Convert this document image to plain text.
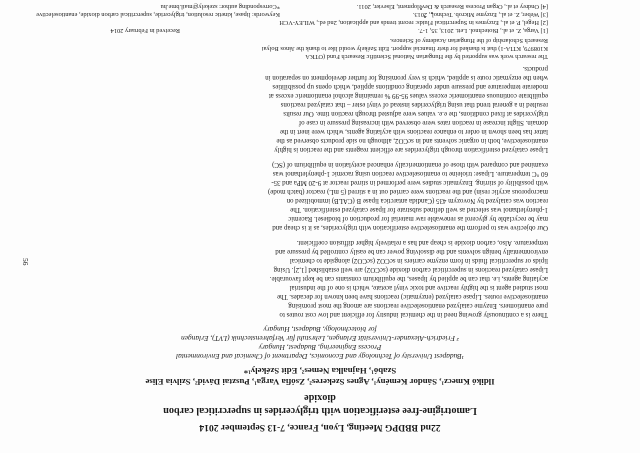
22nd BBDPG Meeting, Lyon, France, 7-13 September 2014
Lamotrigine-free esterification with triglycerides in supercritical carbon
dioxide
Ildikó Kmecz¹, Sándor Kemény¹, Agnes Szekeres², Zsófia Varga¹, Pusztai Dávid², Szilvia Elise
Szabó¹, Hajnalka Nemes², Edit Székely¹*
¹Budapest University of Technology and Economics, Department of Chemical and Environmental
Process Engineering, Budapest, Hungary
² Friedrich-Alexander-Universität Erlangen, Lehrstuhl für Verfahrenstechnik (LVT), Erlangen
for biotechnology, Budapest, Hungary
There is a continuously growing need in the chemical industry for efficient and low cost routes to
pure enantiomers. Enzyme catalyzed enantioselective reactions are among the most promising
enantioselective routes. Lipase catalyzed (enzymatic) reactions have been known for decades. The
most studied agent is the highly reactive and toxic vinyl acetate, which is one of the industrial
acylating agents, i.e. that can be applied by lipases, the equilibrium constants can be kept favourable.
Lipase catalyzed reactions in supercritical carbon dioxide (scCO2) are well established [1,2]. Using
lipids or supercritical fluids in form enzyme carriers in scCO2 (scCO2) alongside to chemical
environmentally benign solvents and the dissolving power can be easily controlled by pressure and
temperature. Also, carbon dioxide is cheap and has a relatively higher diffusion coefficient.
Our objective was to perform the enantioselective esterification with triglycerides, as it is cheap and
may be recyclable by glycerol as renewable raw material for production of biodiesel. Racemic
1-phenylethanol was selected as well defined substrate for lipase catalyzed esterification. The
reaction was catalyzed by Novozym 435 (Candida antarctica lipase B (CALB) immobilized on
macroporous acrylic resin) and the reactions were carried out in a stirred (5 mL) reactor (batch mode)
with possibility of stirring. Enzymatic studies were performed in stirred reactor at 9-20 MPa and 35-
60 °C temperature. Lipase: trioleine to enantioselective reaction using racemic 1-phenylethanol was
examined and compared with those of enantiomerically enhanced acetylation in equilibrium of (SC)
Lipase catalyzed esterification through triglycerides are efficient reagents and the reaction is highly
enantioselective, both in organic solvents and in scCO2, although no side products observed as the
latter has been shown in order to enhance reactions with acylating agents, which were inert in the
domain. Slight increase in reaction rates were observed with increasing pressure in case of
triglycerides at fixed conditions, the e.e. values were adjusted through reaction time. Our results
resulted in a general trend that using triglycerides instead of vinyl ester – that catalyzed reactions
equilibrate continuous enantiomeric excess values 95-99 % remaining alcohol enantiomeric excess at
moderate temperature and pressure under operating conditions applied, which opens up possibilities
when the enzymatic route is applied, which is very promising for further development on separation in
products.
The research work was supported by the Hungarian National Scientific Research Fund (OTKA
K108979, KTIA-1) that is thanked for their financial support. Edit Székely would like to thank the János Bolyai
Research Scholarship of the Hungarian Academy of Sciences.
[1] Varga, Z. et al., Biotechnol. Lett. 2013, 35, 1-7.
[2] Hegel, P. et al., Enzymes in Supercritical Fluids: recent trends and application, 2nd ed., WILEY-VCH
[3] Weber, Z. et al., Enzyme Microb. Technol., 2013.
[4] Ondrey et al., Organ Process Research & Development, Elsevier, 2011.
56
*Corresponding author: szekely@mail.bme.hu
Keywords: lipase, kinetic resolution, triglyceride, supercritical carbon dioxide, enantioselective
Received in February 2014
